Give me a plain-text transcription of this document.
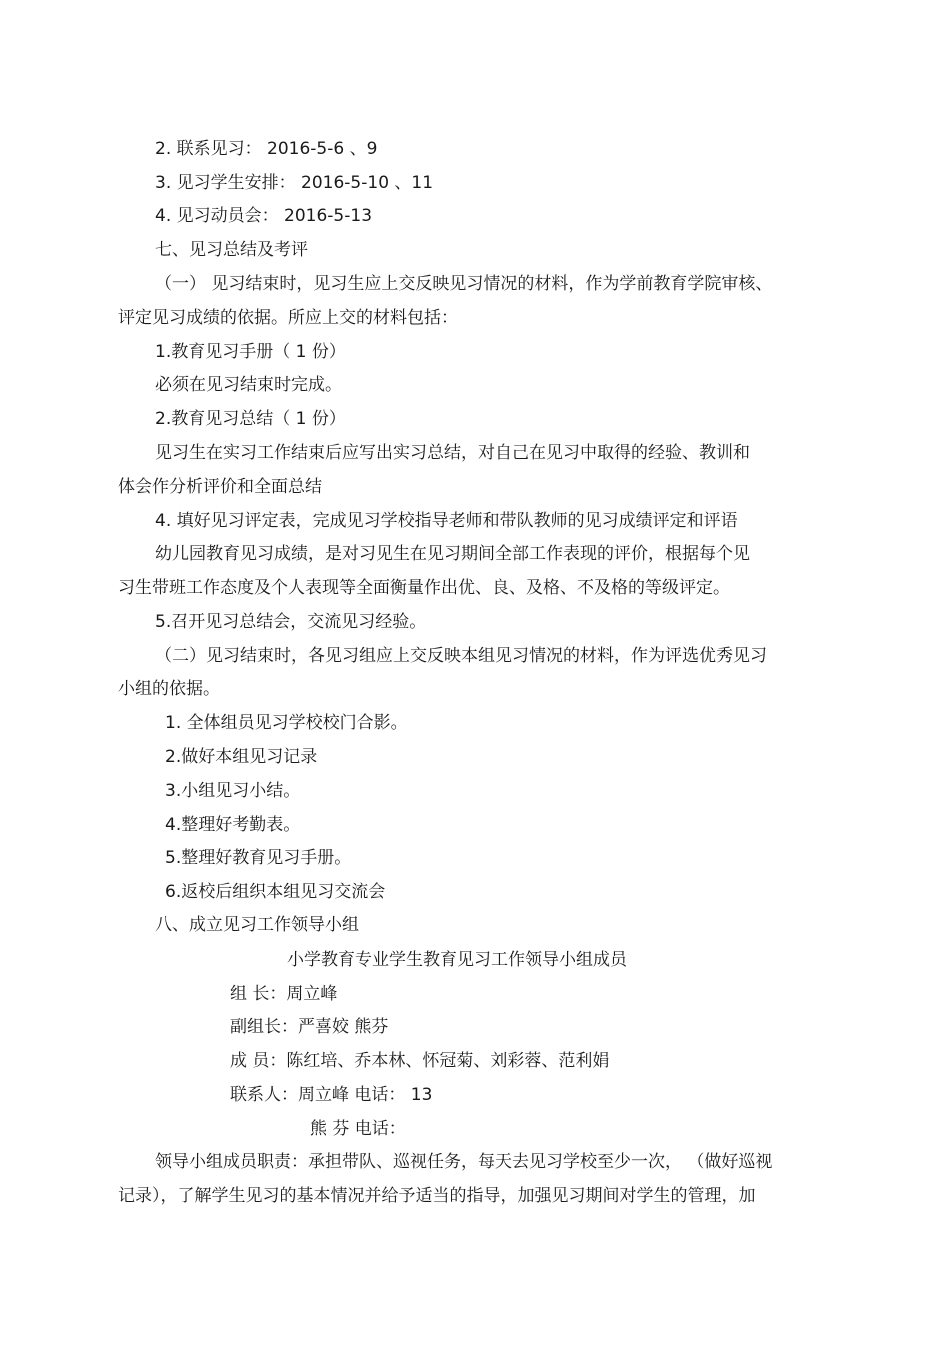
2. 联系见习： 2016-5-6 、9
3. 见习学生安排： 2016-5-10 、11
4. 见习动员会： 2016-5-13
七、见习总结及考评
（一） 见习结束时，见习生应上交反映见习情况的材料，作为学前教育学院审核、
评定见习成绩的依据。所应上交的材料包括：
1.教育见习手册（ 1 份）
必须在见习结束时完成。
2.教育见习总结（ 1 份）
见习生在实习工作结束后应写出实习总结，对自己在见习中取得的经验、教训和
体会作分析评价和全面总结
4. 填好见习评定表，完成见习学校指导老师和带队教师的见习成绩评定和评语
幼儿园教育见习成绩，是对习见生在见习期间全部工作表现的评价，根据每个见
习生带班工作态度及个人表现等全面衡量作出优、良、及格、不及格的等级评定。
5.召开见习总结会，交流见习经验。
（二）见习结束时，各见习组应上交反映本组见习情况的材料，作为评选优秀见习
小组的依据。
1. 全体组员见习学校校门合影。
2.做好本组见习记录
3.小组见习小结。
4.整理好考勤表。
5.整理好教育见习手册。
6.返校后组织本组见习交流会
八、成立见习工作领导小组
小学教育专业学生教育见习工作领导小组成员
组 长：周立峰
副组长：严喜姣 熊芬
成 员：陈红培、乔本林、怀冠菊、刘彩蓉、范利娟
联系人：周立峰 电话： 13
熊 芬 电话：
领导小组成员职责：承担带队、巡视任务，每天去见习学校至少一次， （做好巡视
记录），了解学生见习的基本情况并给予适当的指导，加强见习期间对学生的管理，加
